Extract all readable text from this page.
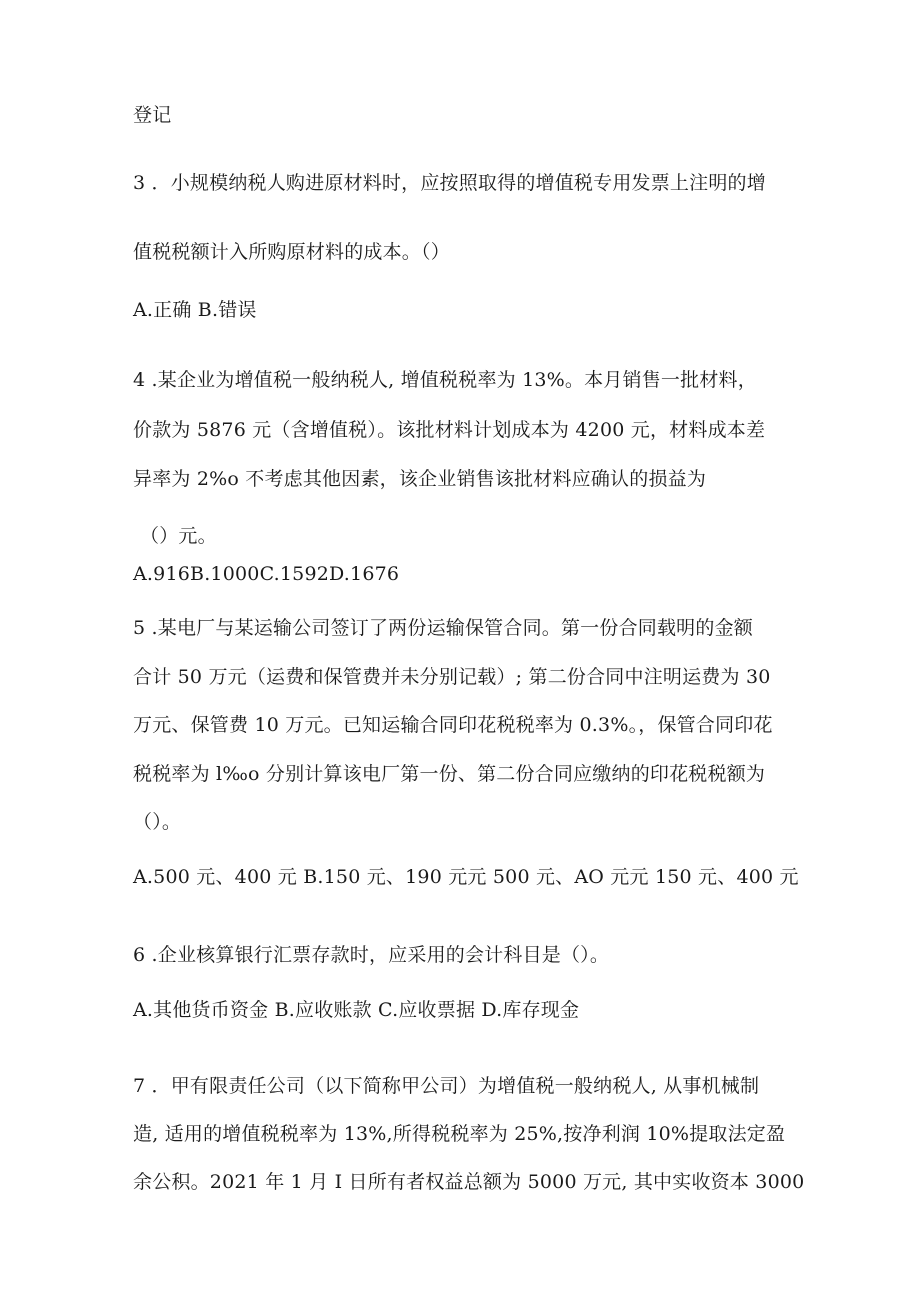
登记
3 ．小规模纳税人购进原材料时，应按照取得的增值税专用发票上注明的增
值税税额计入所购原材料的成本。（）
A.正确 B.错误
4 .某企业为增值税一般纳税人, 增值税税率为 13%。本月销售一批材料，
价款为 5876 元（含增值税）。该批材料计划成本为 4200 元，材料成本差
异率为 2%o 不考虑其他因素，该企业销售该批材料应确认的损益为
（）元。
A.916B.1000C.1592D.1676
5 .某电厂与某运输公司签订了两份运输保管合同。第一份合同载明的金额
合计 50 万元（运费和保管费并未分别记载）; 第二份合同中注明运费为 30
万元、保管费 10 万元。已知运输合同印花税税率为 0.3%。，保管合同印花
税税率为 l‰o 分别计算该电厂第一份、第二份合同应缴纳的印花税税额为
（）。
A.500 元、400 元 B.150 元、190 元元 500 元、AO 元元 150 元、400 元
6 .企业核算银行汇票存款时，应采用的会计科目是（）。
A.其他货币资金 B.应收账款 C.应收票据 D.库存现金
7 ．甲有限责任公司（以下简称甲公司）为增值税一般纳税人, 从事机械制
造, 适用的增值税税率为 13%,所得税税率为 25%,按净利润 10%提取法定盈
余公积。2021 年 1 月 I 日所有者权益总额为 5000 万元, 其中实收资本 3000
